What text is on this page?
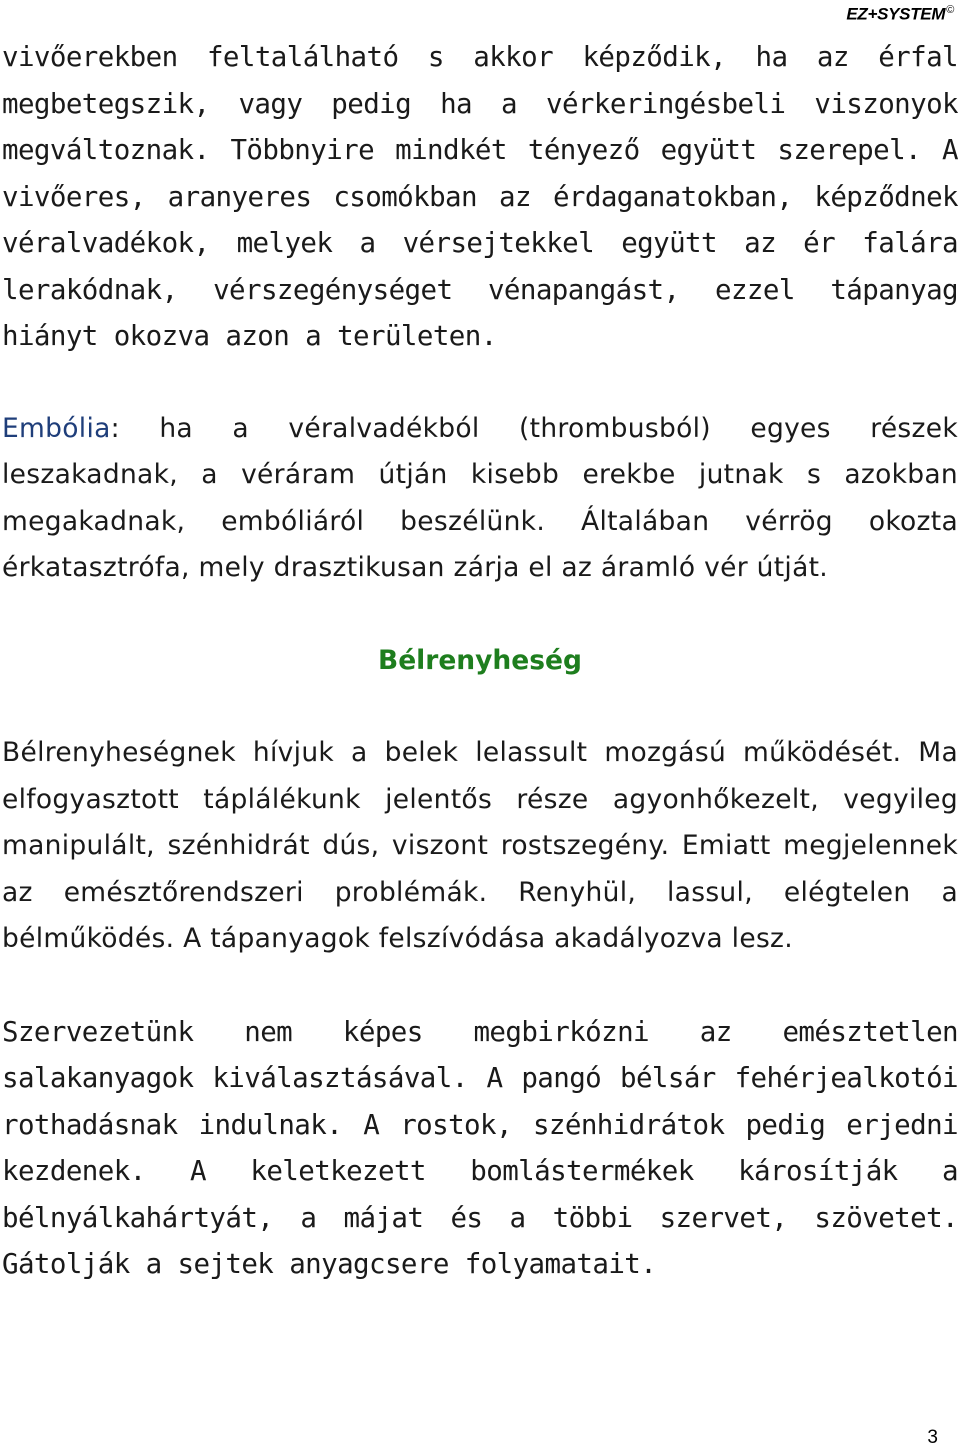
EZ+SYSTEM©

vivőerekben feltalálható s akkor képződik, ha az érfal megbetegszik, vagy pedig ha a vérkeringésbeli viszonyok megváltoznak. Többnyire mindkét tényező együtt szerepel. A vivőeres, aranyeres csomókban az érdaganatokban, képződnek véralvadékok, melyek a vérsejtekkel együtt az ér falára lerakódnak, vérszegénységet vénapangást, ezzel tápanyag hiányt okozva azon a területen.

Embólia: ha a véralvadékból (thrombusból) egyes részek leszakadnak, a véráram útján kisebb erekbe jutnak s azokban megakadnak, embóliáról beszélünk. Általában vérrög okozta érkatasztrófa, mely drasztikusan zárja el az áramló vér útját.

Bélrenyheség

Bélrenyheségnek hívjuk a belek lelassult mozgású működését. Ma elfogyasztott táplálékunk jelentős része agyonhőkezelt, vegyileg manipulált, szénhidrát dús, viszont rostszegény. Emiatt megjelennek az emésztőrendszeri problémák. Renyhül, lassul, elégtelen a bélműködés. A tápanyagok felszívódása akadályozva lesz.

Szervezetünk nem képes megbirkózni az emésztetlen salakanyagok kiválasztásával. A pangó bélsár fehérjealkotói rothadásnak indulnak. A rostok, szénhidrátok pedig erjedni kezdenek. A keletkezett bomlástermékek károsítják a bélnyálkahártyát, a májat és a többi szervet, szövetet. Gátolják a sejtek anyagcsere folyamatait.

3
